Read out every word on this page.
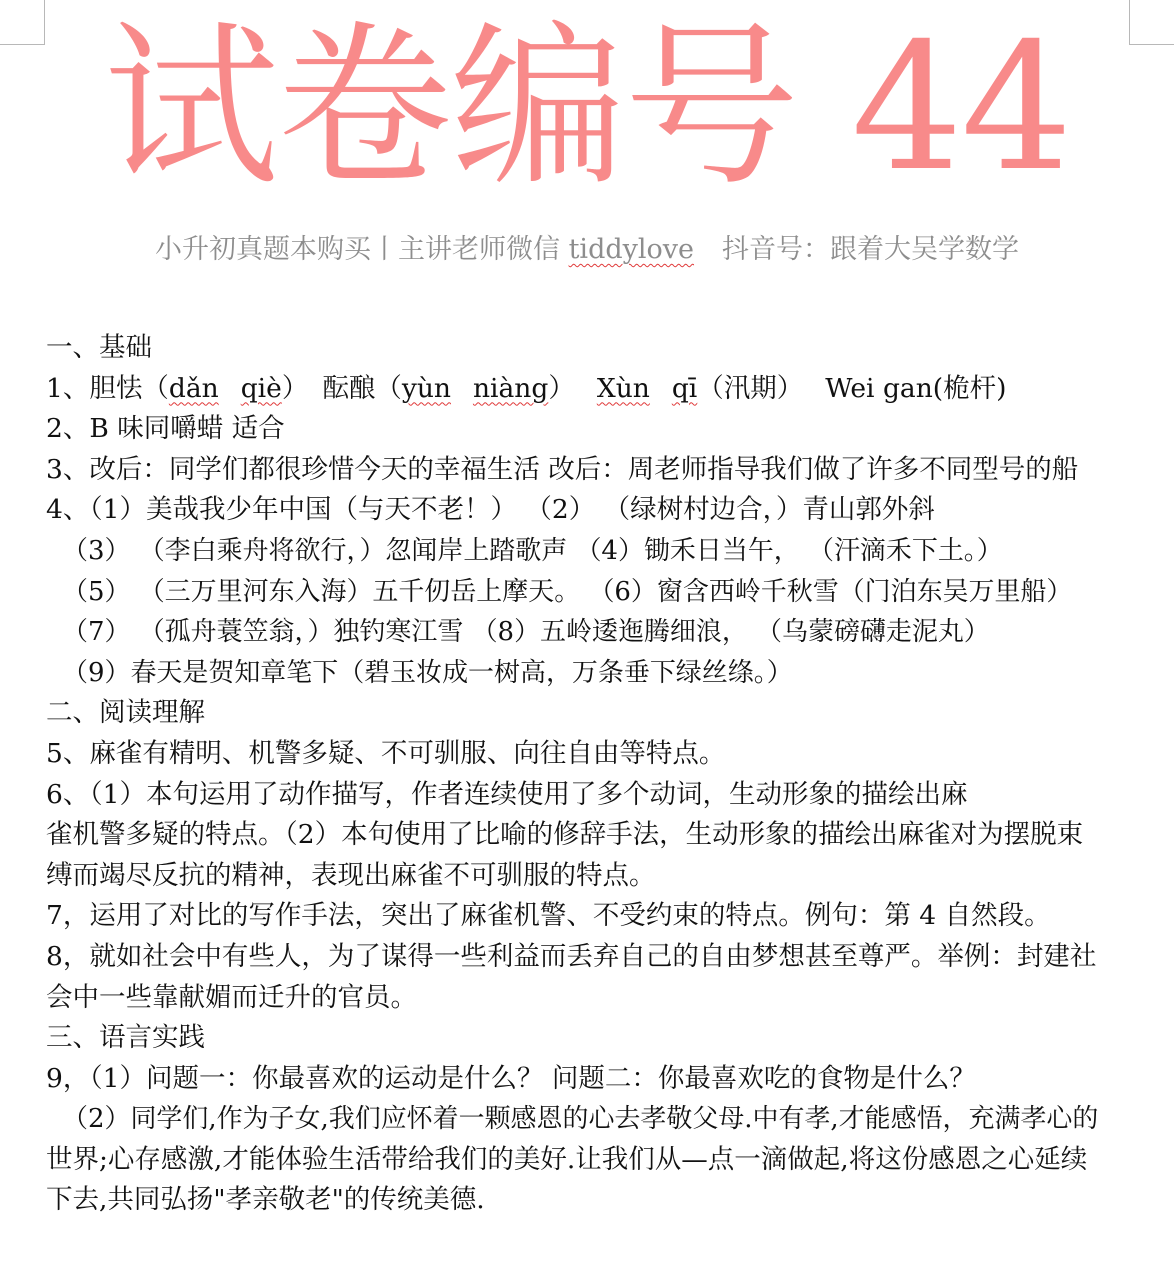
试卷编号 44
小升初真题本购买丨主讲老师微信 tiddylove 抖音号：跟着大吴学数学
一、基础
1、胆怯（dǎn qiè） 酝酿（yùn niàng） Xùn qī（汛期） Wei gan(桅杆)
2、B 味同嚼蜡 适合
3、改后：同学们都很珍惜今天的幸福生活 改后：周老师指导我们做了许多不同型号的船
4、（1）美哉我少年中国（与天不老！） （2） （绿树村边合，）青山郭外斜
（3） （李白乘舟将欲行，）忽闻岸上踏歌声 （4）锄禾日当午， （汗滴禾下土。）
（5） （三万里河东入海）五千仞岳上摩天。 （6）窗含西岭千秋雪（门泊东吴万里船）
（7） （孤舟蓑笠翁，）独钓寒江雪 （8）五岭逶迤腾细浪， （乌蒙磅礴走泥丸）
（9）春天是贺知章笔下（碧玉妆成一树高，万条垂下绿丝绦。）
二、阅读理解
5、麻雀有精明、机警多疑、不可驯服、向往自由等特点。
6、（1）本句运用了动作描写，作者连续使用了多个动词，生动形象的描绘出麻
雀机警多疑的特点。（2）本句使用了比喻的修辞手法，生动形象的描绘出麻雀对为摆脱束
缚而竭尽反抗的精神，表现出麻雀不可驯服的特点。
7，运用了对比的写作手法，突出了麻雀机警、不受约束的特点。例句：第 4 自然段。
8，就如社会中有些人，为了谋得一些利益而丢弃自己的自由梦想甚至尊严。举例：封建社
会中一些靠献媚而迁升的官员。
三、语言实践
9，（1）问题一：你最喜欢的运动是什么？ 问题二：你最喜欢吃的食物是什么？
（2）同学们,作为子女,我们应怀着一颗感恩的心去孝敬父母.中有孝,才能感悟，充满孝心的
世界;心存感激,才能体验生活带给我们的美好.让我们从—点一滴做起,将这份感恩之心延续
下去,共同弘扬"孝亲敬老"的传统美德.
